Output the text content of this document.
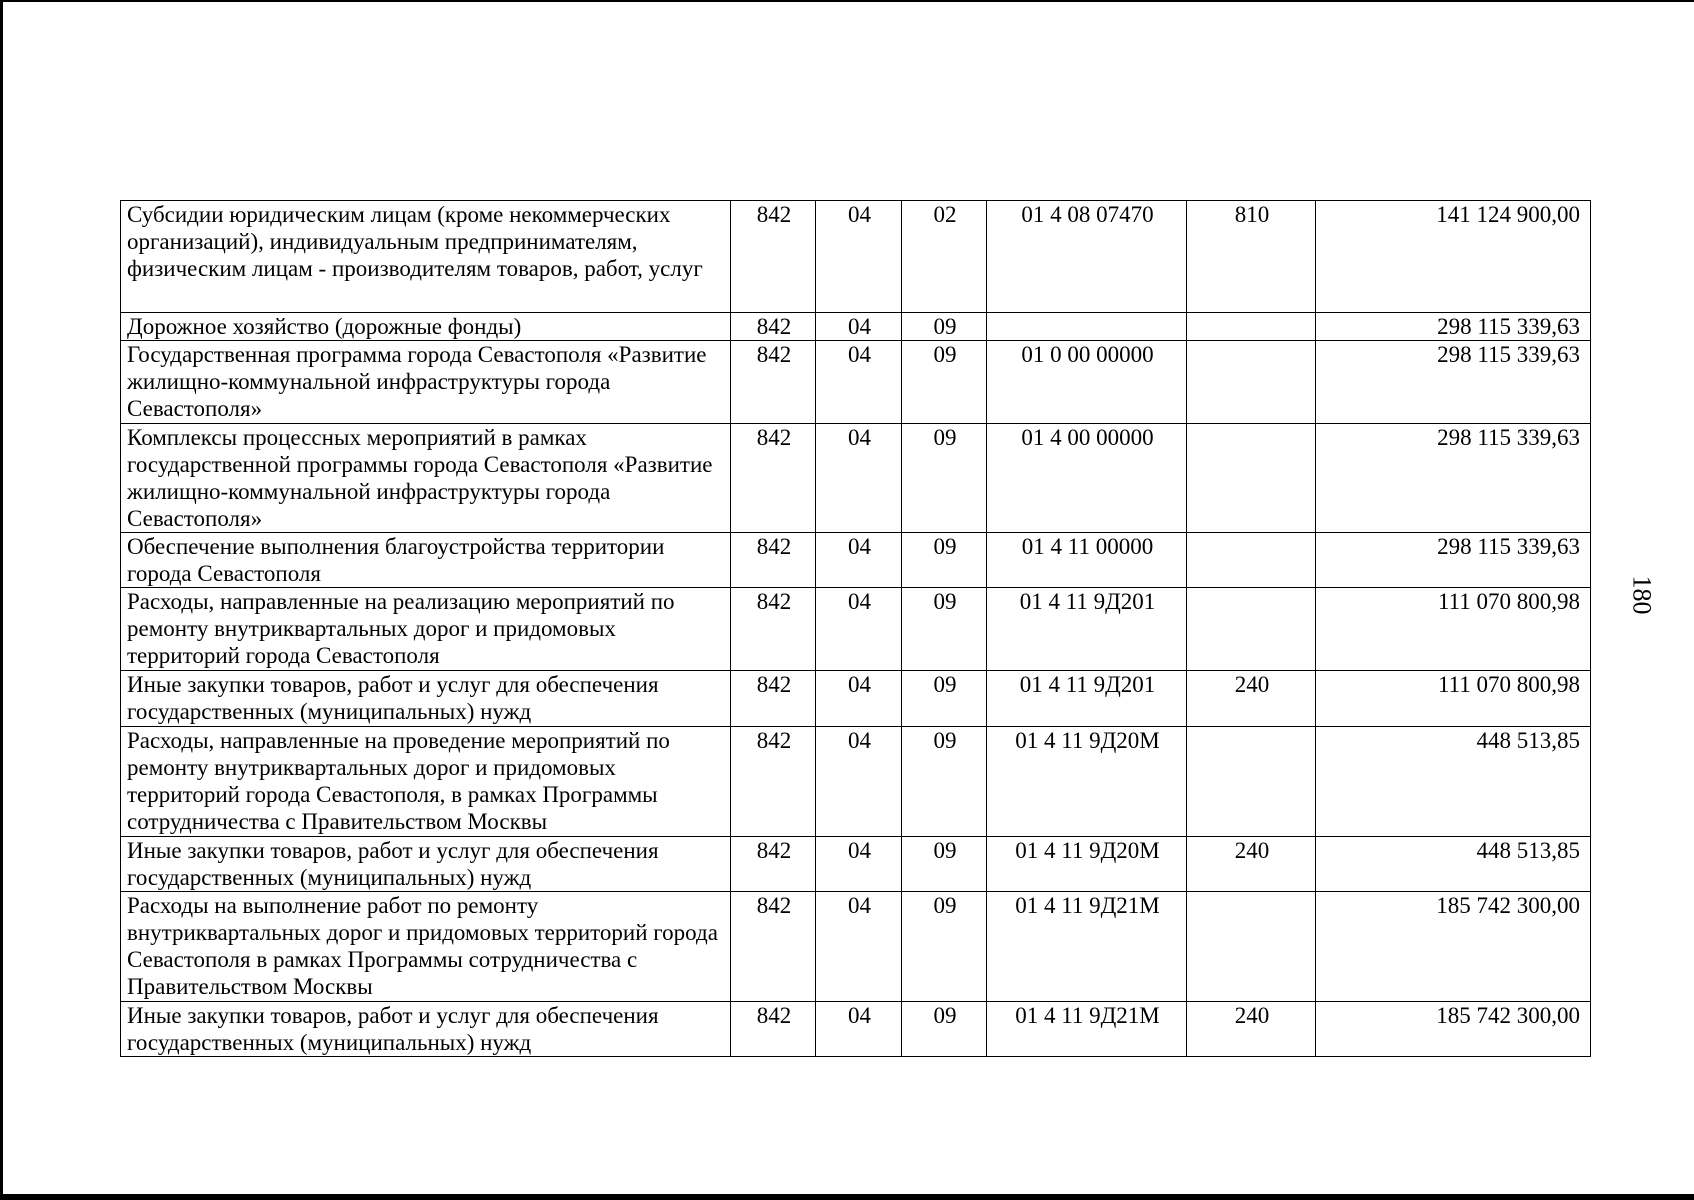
Субсидии юридическим лицам (кроме некоммерческих организаций), индивидуальным предпринимателям, физическим лицам - производителям товаров, работ, услуг	842	04	02	01 4 08 07470	810	141 124 900,00
Дорожное хозяйство (дорожные фонды)	842	04	09			298 115 339,63
Государственная программа города Севастополя «Развитие жилищно-коммунальной инфраструктуры города Севастополя»	842	04	09	01 0 00 00000		298 115 339,63
Комплексы процессных мероприятий в рамках государственной программы города Севастополя «Развитие жилищно-коммунальной инфраструктуры города Севастополя»	842	04	09	01 4 00 00000		298 115 339,63
Обеспечение выполнения благоустройства территории города Севастополя	842	04	09	01 4 11 00000		298 115 339,63
Расходы, направленные на реализацию мероприятий по ремонту внутриквартальных дорог и придомовых территорий города Севастополя	842	04	09	01 4 11 9Д201		111 070 800,98
Иные закупки товаров, работ и услуг для обеспечения государственных (муниципальных) нужд	842	04	09	01 4 11 9Д201	240	111 070 800,98
Расходы, направленные на проведение мероприятий по ремонту внутриквартальных дорог и придомовых территорий города Севастополя, в рамках Программы сотрудничества с Правительством Москвы	842	04	09	01 4 11 9Д20М		448 513,85
Иные закупки товаров, работ и услуг для обеспечения государственных (муниципальных) нужд	842	04	09	01 4 11 9Д20М	240	448 513,85
Расходы на выполнение работ по ремонту внутриквартальных дорог и придомовых территорий города Севастополя в рамках Программы сотрудничества с Правительством Москвы	842	04	09	01 4 11 9Д21М		185 742 300,00
Иные закупки товаров, работ и услуг для обеспечения государственных (муниципальных) нужд	842	04	09	01 4 11 9Д21М	240	185 742 300,00
180
